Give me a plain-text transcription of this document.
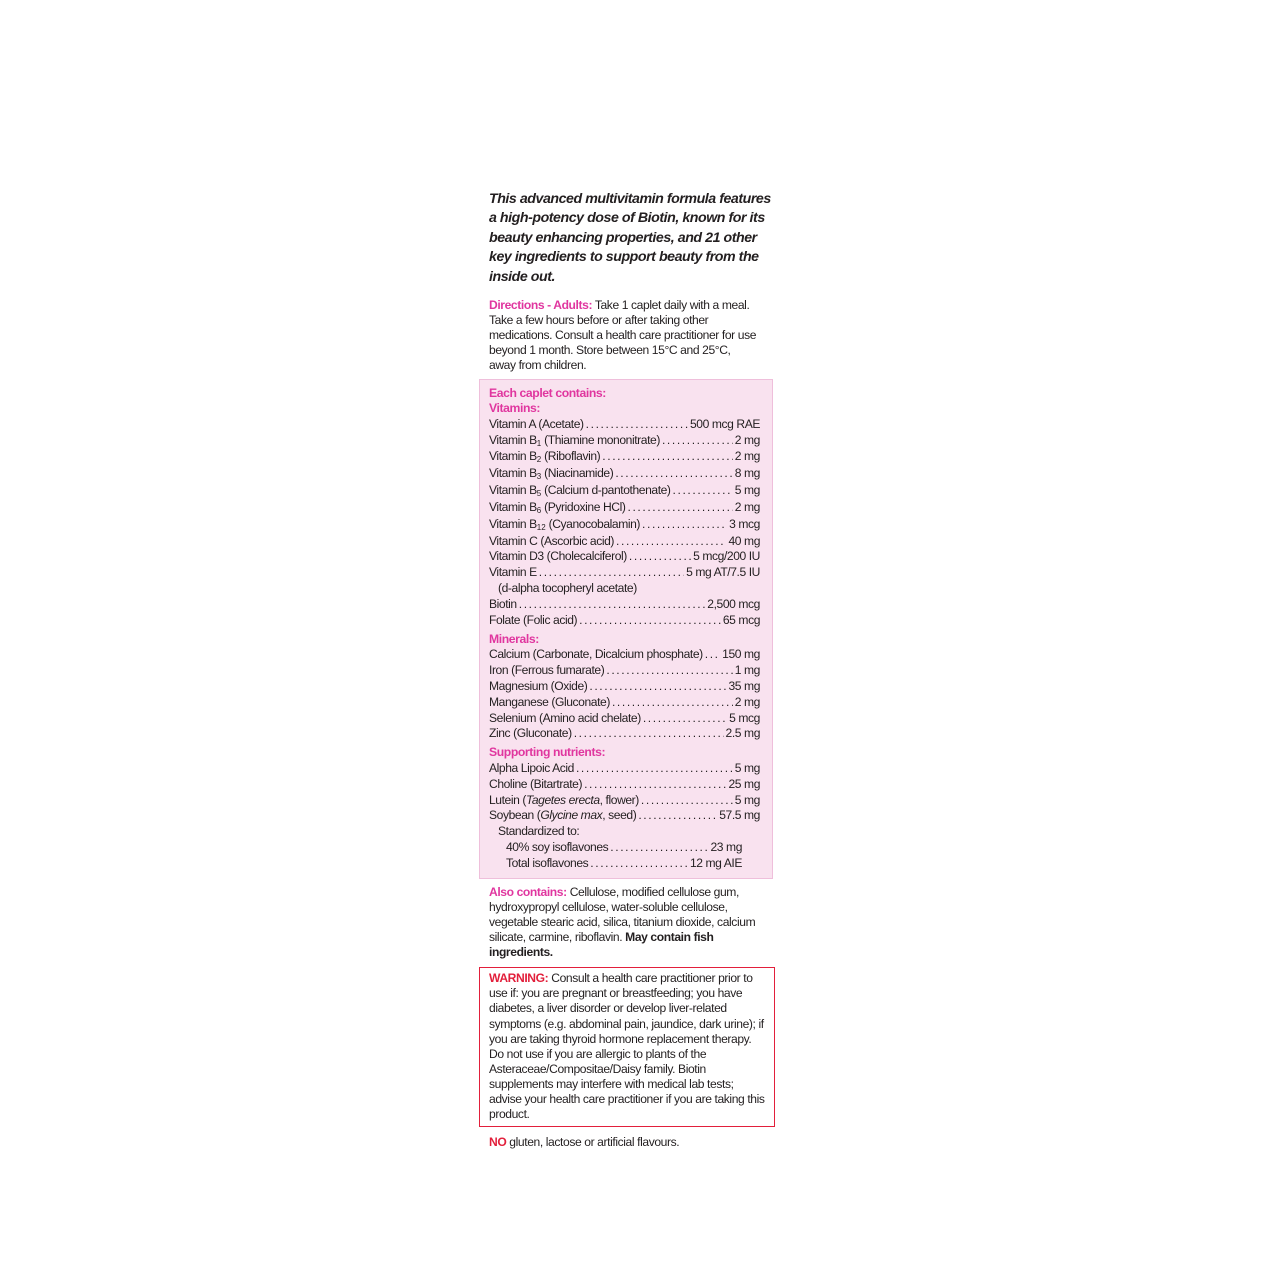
This advanced multivitamin formula features a high-potency dose of Biotin, known for its beauty enhancing properties, and 21 other key ingredients to support beauty from the inside out.

Directions - Adults: Take 1 caplet daily with a meal. Take a few hours before or after taking other medications. Consult a health care practitioner for use beyond 1 month. Store between 15°C and 25°C, away from children.
Each caplet contains:
Vitamins:
Vitamin A (Acetate) .....	500 mcg RAE
Vitamin B1 (Thiamine mononitrate) .....	2 mg
Vitamin B2 (Riboflavin) .....	2 mg
Vitamin B3 (Niacinamide) .....	8 mg
Vitamin B5 (Calcium d-pantothenate) .....	5 mg
Vitamin B6 (Pyridoxine HCl) .....	2 mg
Vitamin B12 (Cyanocobalamin) .....	3 mcg
Vitamin C (Ascorbic acid) .....	40 mg
Vitamin D3 (Cholecalciferol) .....	5 mcg/200 IU
Vitamin E .....	5 mg AT/7.5 IU
(d-alpha tocopheryl acetate)
Biotin .....	2,500 mcg
Folate (Folic acid) .....	65 mcg
Minerals:
Calcium (Carbonate, Dicalcium phosphate) ..... 150 mg
Iron (Ferrous fumarate) .....	1 mg
Magnesium (Oxide) .....	35 mg
Manganese (Gluconate) .....	2 mg
Selenium (Amino acid chelate) .....	5 mcg
Zinc (Gluconate) .....	2.5 mg
Supporting nutrients:
Alpha Lipoic Acid .....	5 mg
Choline (Bitartrate) .....	25 mg
Lutein (Tagetes erecta, flower) .....	5 mg
Soybean (Glycine max, seed) .....	57.5 mg
Standardized to:
40% soy isoflavones .....	23 mg
Total isoflavones .....	12 mg AIE
Also contains: Cellulose, modified cellulose gum, hydroxypropyl cellulose, water-soluble cellulose, vegetable stearic acid, silica, titanium dioxide, calcium silicate, carmine, riboflavin. May contain fish ingredients.
WARNING: Consult a health care practitioner prior to use if: you are pregnant or breastfeeding; you have diabetes, a liver disorder or develop liver-related symptoms (e.g. abdominal pain, jaundice, dark urine); if you are taking thyroid hormone replacement therapy. Do not use if you are allergic to plants of the Asteraceae/Compositae/Daisy family. Biotin supplements may interfere with medical lab tests; advise your health care practitioner if you are taking this product.
NO gluten, lactose or artificial flavours.
